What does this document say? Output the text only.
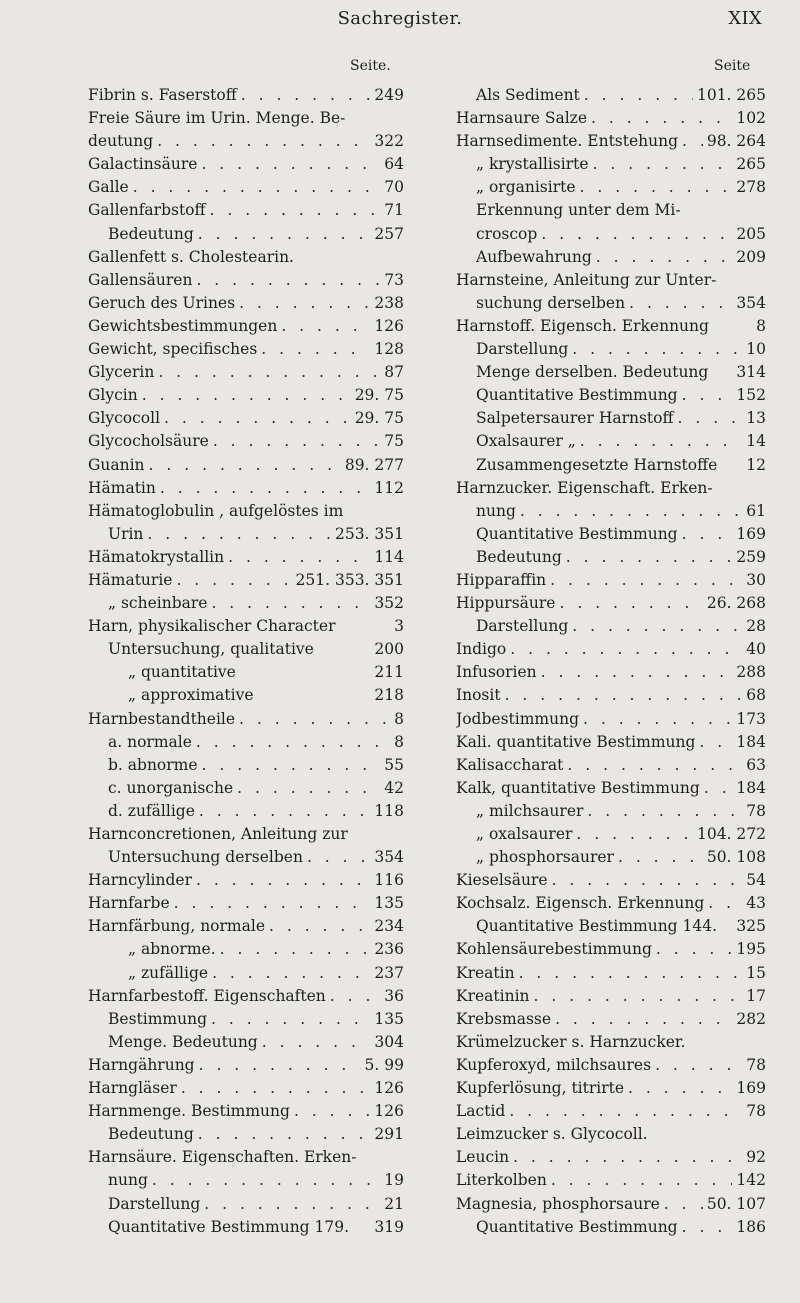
Sachregister.	XIX
Seite.	Seite
Fibrin s. Faserstoff . . .	249
Freie Säure im Urin. Menge. Be-
deutung . . .	322
Galactinsäure . . .	64
Galle . . .	70
Gallenfarbstoff . . .	71
Bedeutung . . .	257
Gallenfett s. Cholestearin.
Gallensäuren . . .	73
Geruch des Urines . . .	238
Gewichtsbestimmungen . . .	126
Gewicht, specifisches . . .	128
Glycerin . . .	87
Glycin . . .	29. 75
Glycocoll . . .	29. 75
Glycocholsäure . . .	75
Guanin . . .	89. 277
Hämatin . . .	112
Hämatoglobulin , aufgelöstes im
Urin . . .	253. 351
Hämatokrystallin . . .	114
Hämaturie . . .	251. 353. 351
„ scheinbare . . .	352
Harn, physikalischer Character	3
Untersuchung, qualitative	200
„ quantitative	211
„ approximative	218
Harnbestandtheile . . .	8
a. normale . . .	8
b. abnorme . . .	55
c. unorganische . . .	42
d. zufällige . . .	118
Harnconcretionen, Anleitung zur
Untersuchung derselben . . .	354
Harncylinder . . .	116
Harnfarbe . . .	135
Harnfärbung, normale . . .	234
„ abnorme. . . .	236
„ zufällige . . .	237
Harnfarbestoff. Eigenschaften . . .	36
Bestimmung . . .	135
Menge. Bedeutung . . .	304
Harngährung . . .	5. 99
Harngläser . . .	126
Harnmenge. Bestimmung . . .	126
Bedeutung . . .	291
Harnsäure. Eigenschaften. Erken-
nung . . .	19
Darstellung . . .	21
Quantitative Bestimmung 179. 319
Als Sediment . . .	101. 265
Harnsaure Salze . . .	102
Harnsedimente. Entstehung . . . 98. 264
„ krystallisirte . . .	265
„ organisirte . . .	278
Erkennung unter dem Mi-
croscop . . .	205
Aufbewahrung . . .	209
Harnsteine, Anleitung zur Unter-
suchung derselben . . .	354
Harnstoff. Eigensch. Erkennung	8
Darstellung . . .	10
Menge derselben. Bedeutung 314
Quantitative Bestimmung . . .	152
Salpetersaurer Harnstoff . . .	13
Oxalsaurer „ . . .	14
Zusammengesetzte Harnstoffe 12
Harnzucker. Eigenschaft. Erken-
nung . . .	61
Quantitative Bestimmung . . .	169
Bedeutung . . .	259
Hipparaffin . . .	30
Hippursäure . . .	26. 268
Darstellung . . .	28
Indigo . . .	40
Infusorien . . .	288
Inosit . . .	68
Jodbestimmung . . .	173
Kali. quantitative Bestimmung . . .	184
Kalisaccharat . . .	63
Kalk, quantitative Bestimmung . . . 184
„ milchsaurer . . .	78
„ oxalsaurer . . .	104. 272
„ phosphorsaurer . . .	50. 108
Kieselsäure . . .	54
Kochsalz. Eigensch. Erkennung . . .	43
Quantitative Bestimmung 144. 325
Kohlensäurebestimmung . . .	195
Kreatin . . .	15
Kreatinin . . .	17
Krebsmasse . . .	282
Krümelzucker s. Harnzucker.
Kupferoxyd, milchsaures . . .	78
Kupferlösung, titrirte . . .	169
Lactid . . .	78
Leimzucker s. Glycocoll.
Leucin . . .	92
Literkolben . . .	142
Magnesia, phosphorsaure . . .	50. 107
Quantitative Bestimmung . . .	186
